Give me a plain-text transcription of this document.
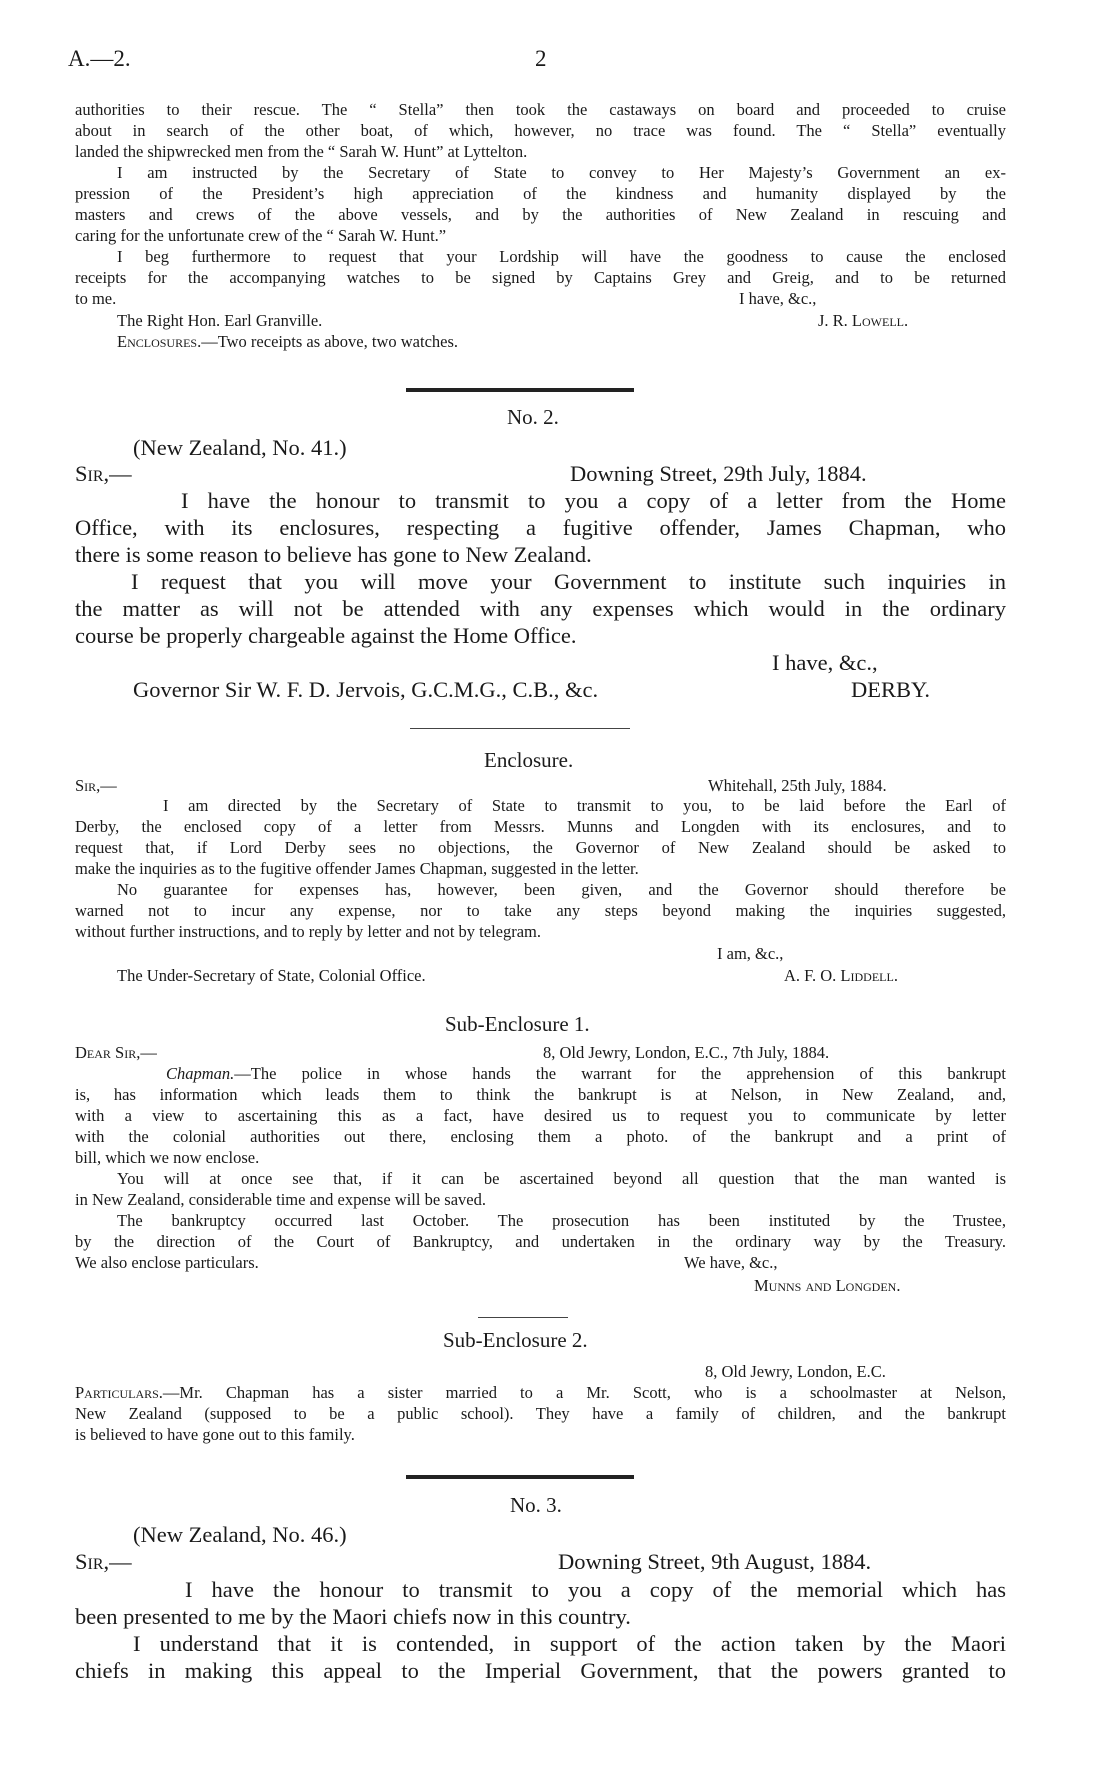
A.—2.	2
authorities to their rescue. The “ Stella” then took the castaways on board and proceeded to cruise
about in search of the other boat, of which, however, no trace was found. The “ Stella” eventually
landed the shipwrecked men from the “ Sarah W. Hunt” at Lyttelton.
I am instructed by the Secretary of State to convey to Her Majesty’s Government an ex-
pression of the President’s high appreciation of the kindness and humanity displayed by the
masters and crews of the above vessels, and by the authorities of New Zealand in rescuing and
caring for the unfortunate crew of the “ Sarah W. Hunt.”
I beg furthermore to request that your Lordship will have the goodness to cause the enclosed
receipts for the accompanying watches to be signed by Captains Grey and Greig, and to be returned
to me.	I have, &c.,
The Right Hon. Earl Granville.	J. R. Lowell.
Enclosures.—Two receipts as above, two watches.
No. 2.
(New Zealand, No. 41.)
Sir,—	Downing Street, 29th July, 1884.
I have the honour to transmit to you a copy of a letter from the Home
Office, with its enclosures, respecting a fugitive offender, James Chapman, who
there is some reason to believe has gone to New Zealand.
I request that you will move your Government to institute such inquiries in
the matter as will not be attended with any expenses which would in the ordinary
course be properly chargeable against the Home Office.
I have, &c.,
Governor Sir W. F. D. Jervois, G.C.M.G., C.B., &c.	DERBY.
Enclosure.
Sir,—	Whitehall, 25th July, 1884.
I am directed by the Secretary of State to transmit to you, to be laid before the Earl of
Derby, the enclosed copy of a letter from Messrs. Munns and Longden with its enclosures, and to
request that, if Lord Derby sees no objections, the Governor of New Zealand should be asked to
make the inquiries as to the fugitive offender James Chapman, suggested in the letter.
No guarantee for expenses has, however, been given, and the Governor should therefore be
warned not to incur any expense, nor to take any steps beyond making the inquiries suggested,
without further instructions, and to reply by letter and not by telegram.
I am, &c.,
The Under-Secretary of State, Colonial Office.	A. F. O. Liddell.
Sub-Enclosure 1.
Dear Sir,—	8, Old Jewry, London, E.C., 7th July, 1884.
Chapman.—The police in whose hands the warrant for the apprehension of this bankrupt
is, has information which leads them to think the bankrupt is at Nelson, in New Zealand, and,
with a view to ascertaining this as a fact, have desired us to request you to communicate by letter
with the colonial authorities out there, enclosing them a photo. of the bankrupt and a print of
bill, which we now enclose.
You will at once see that, if it can be ascertained beyond all question that the man wanted is
in New Zealand, considerable time and expense will be saved.
The bankruptcy occurred last October. The prosecution has been instituted by the Trustee,
by the direction of the Court of Bankruptcy, and undertaken in the ordinary way by the Treasury.
We also enclose particulars.	We have, &c.,
Munns and Longden.
Sub-Enclosure 2.
8, Old Jewry, London, E.C.
Particulars.—Mr. Chapman has a sister married to a Mr. Scott, who is a schoolmaster at Nelson,
New Zealand (supposed to be a public school). They have a family of children, and the bankrupt
is believed to have gone out to this family.
No. 3.
(New Zealand, No. 46.)
Sir,—	Downing Street, 9th August, 1884.
I have the honour to transmit to you a copy of the memorial which has
been presented to me by the Maori chiefs now in this country.
I understand that it is contended, in support of the action taken by the Maori
chiefs in making this appeal to the Imperial Government, that the powers granted to
